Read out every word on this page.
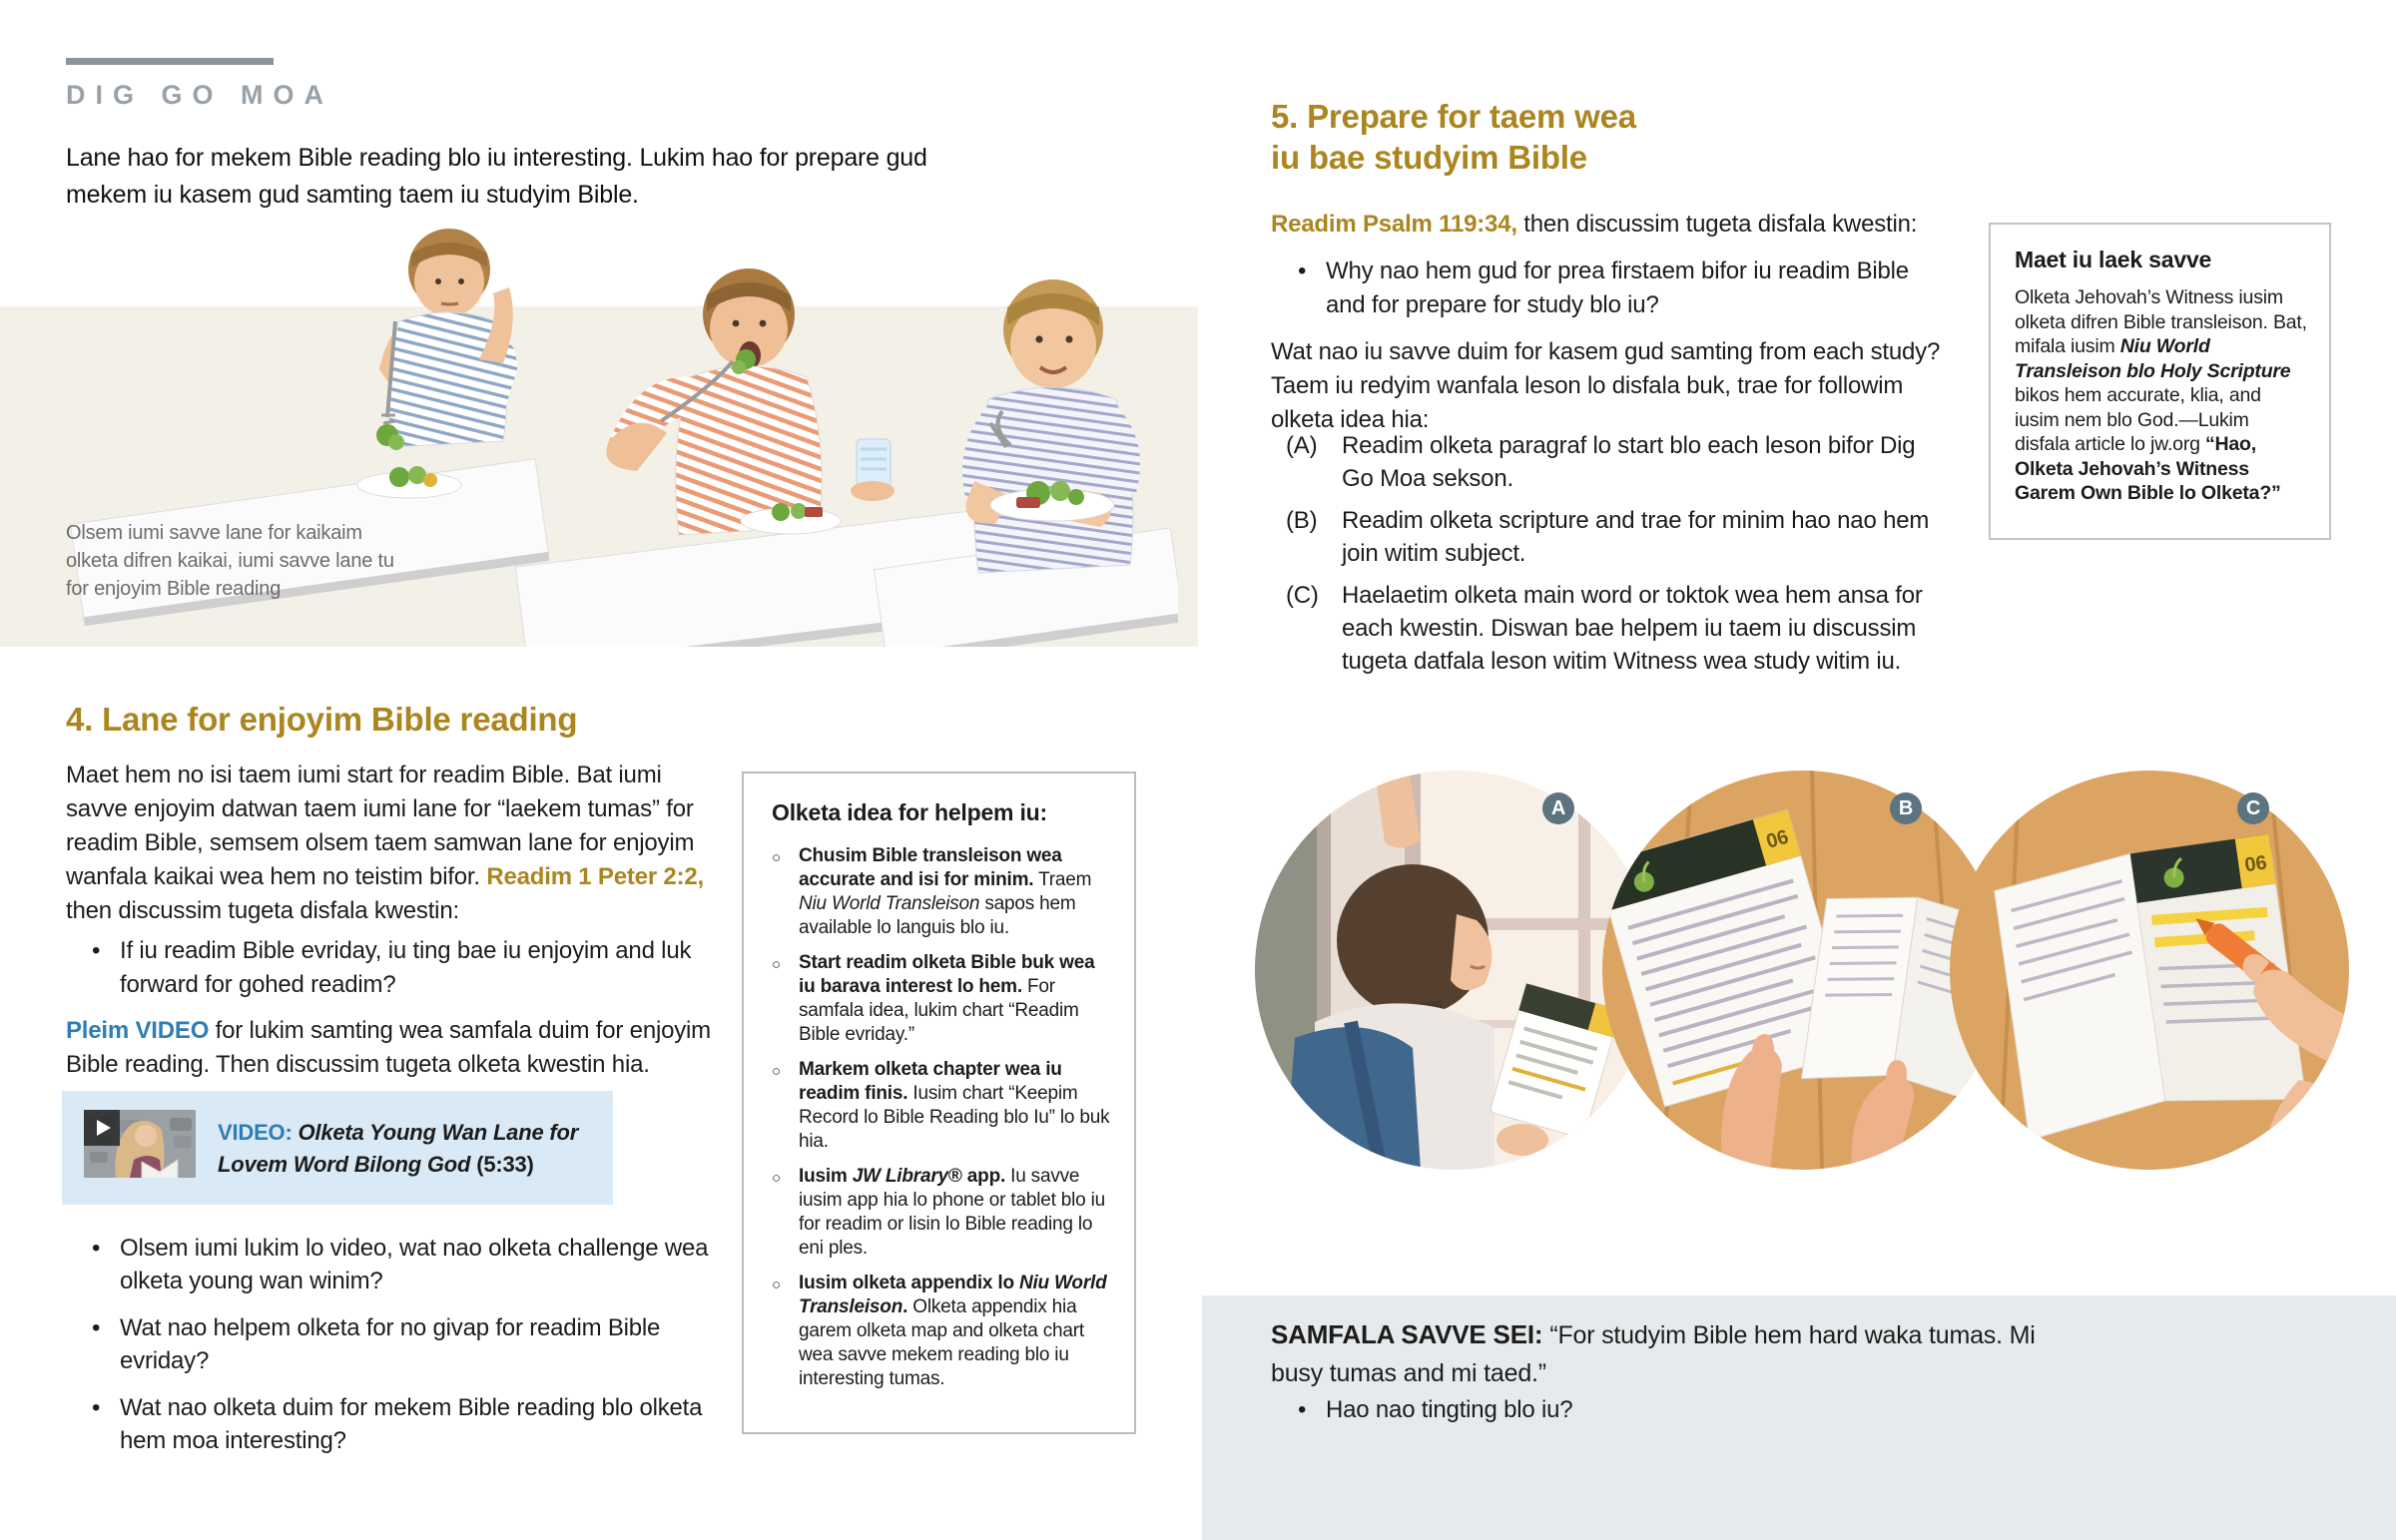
DIG GO MOA
Lane hao for mekem Bible reading blo iu interesting. Lukim hao for prepare gud mekem iu kasem gud samting taem iu studyim Bible.
Olsem iumi savve lane for kaikaim olketa difren kaikai, iumi savve lane tu for enjoyim Bible reading
4. Lane for enjoyim Bible reading
Maet hem no isi taem iumi start for readim Bible. Bat iumi savve enjoyim datwan taem iumi lane for “laekem tumas” for readim Bible, semsem olsem taem samwan lane for enjoyim wanfala kaikai wea hem no teistim bifor. Readim 1 Peter 2:2, then discussim tugeta disfala kwestin:
• If iu readim Bible evriday, iu ting bae iu enjoyim and luk forward for gohed readim?
Pleim VIDEO for lukim samting wea samfala duim for enjoyim Bible reading. Then discussim tugeta olketa kwestin hia.
VIDEO: Olketa Young Wan Lane for Lovem Word Bilong God (5:33)
• Olsem iumi lukim lo video, wat nao olketa challenge wea olketa young wan winim?
• Wat nao helpem olketa for no givap for readim Bible evriday?
• Wat nao olketa duim for mekem Bible reading blo olketa hem moa interesting?
Olketa idea for helpem iu:
○ Chusim Bible transleison wea accurate and isi for minim. Traem Niu World Transleison sapos hem available lo languis blo iu.
○ Start readim olketa Bible buk wea iu barava interest lo hem. For samfala idea, lukim chart “Readim Bible evriday.”
○ Markem olketa chapter wea iu readim finis. Iusim chart “Keepim Record lo Bible Reading blo Iu” lo buk hia.
○ Iusim JW Library® app. Iu savve iusim app hia lo phone or tablet blo iu for readim or lisin lo Bible reading lo eni ples.
○ Iusim olketa appendix lo Niu World Transleison. Olketa appendix hia garem olketa map and olketa chart wea savve mekem reading blo iu interesting tumas.
5. Prepare for taem wea
iu bae studyim Bible
Readim Psalm 119:34, then discussim tugeta disfala kwestin:
• Why nao hem gud for prea firstaem bifor iu readim Bible and for prepare for study blo iu?
Wat nao iu savve duim for kasem gud samting from each study? Taem iu redyim wanfala leson lo disfala buk, trae for followim olketa idea hia:
(A)	Readim olketa paragraf lo start blo each leson bifor Dig Go Moa sekson.
(B)	Readim olketa scripture and trae for minim hao nao hem join witim subject.
(C) Haelaetim olketa main word or toktok wea hem ansa for each kwestin. Diswan bae helpem iu taem iu discussim tugeta datfala leson witim Witness wea study witim iu.
Maet iu laek savve
Olketa Jehovah’s Witness iusim olketa difren Bible transleison. Bat, mifala iusim Niu World Transleison blo Holy Scripture bikos hem accurate, klia, and iusim nem blo God.—Lukim disfala article lo jw.org “Hao, Olketa Jehovah’s Witness Garem Own Bible lo Olketa?”
06
06
A	B	C
SAMFALA SAVVE SEI: “For studyim Bible hem hard waka tumas. Mi busy tumas and mi taed.”
• Hao nao tingting blo iu?
